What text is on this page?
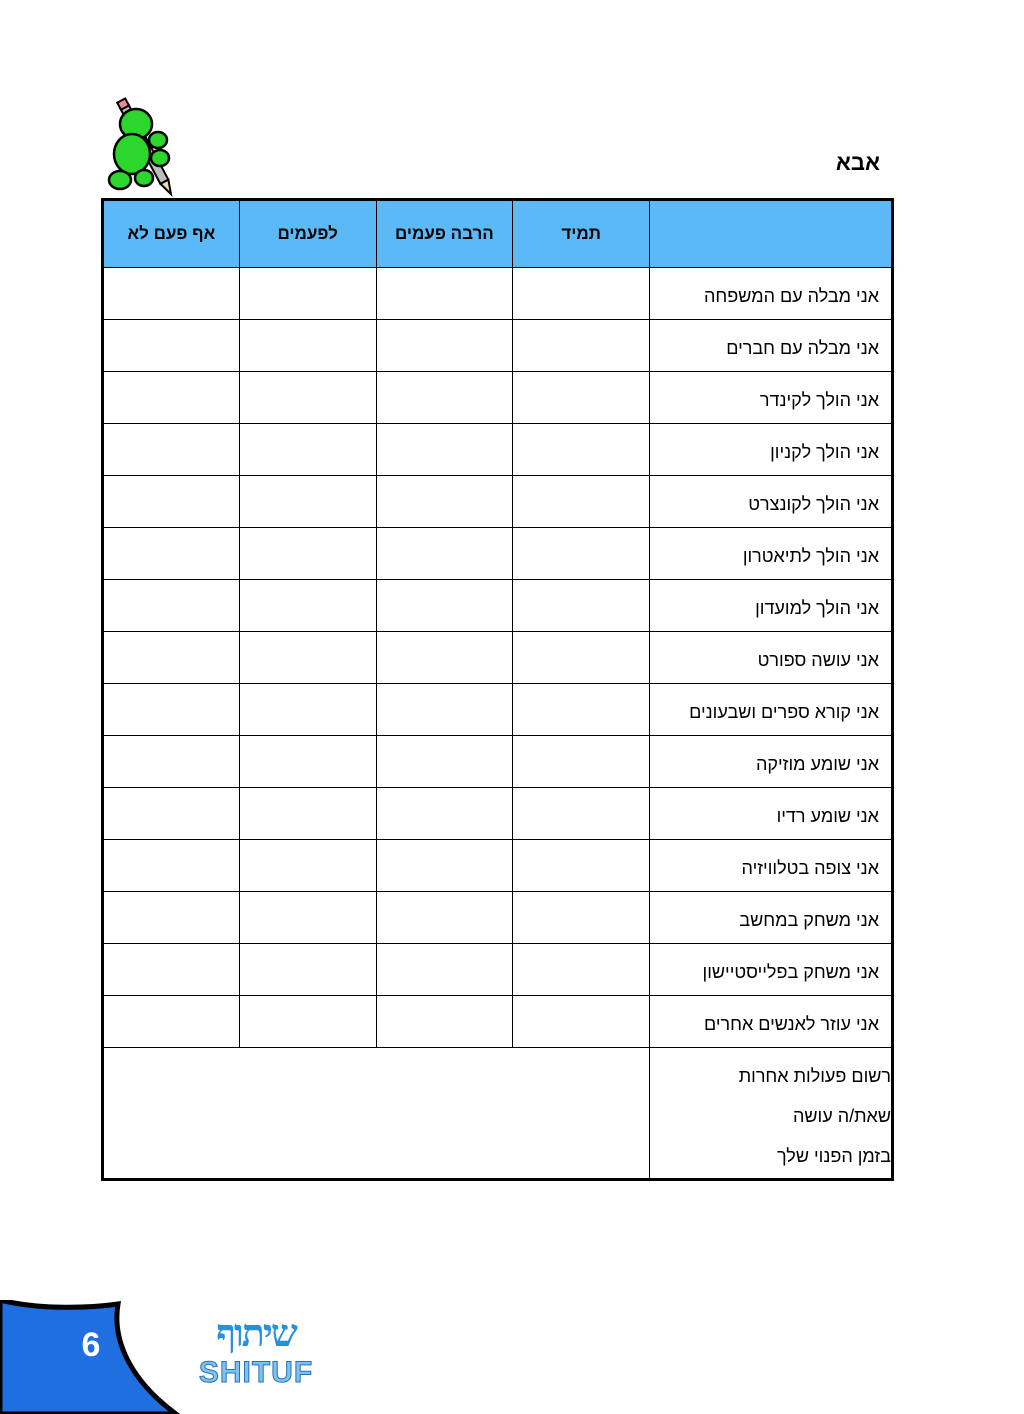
אבא
	תמיד	הרבה פעמים	לפעמים	אף פעם לא
אני מבלה עם המשפחה				
אני מבלה עם חברים				
אני הולך לקינדר				
אני הולך לקניון				
אני הולך לקונצרט				
אני הולך לתיאטרון				
אני הולך למועדון				
אני עושה ספורט				
אני קורא ספרים ושבעונים				
אני שומע מוזיקה				
אני שומע רדיו				
אני צופה בטלוויזיה				
אני משחק במחשב				
אני משחק בפלייסטיישון				
אני עוזר לאנשים אחרים				

רשום פעולות אחרות
שאת/ה עושה
בזמן הפנוי שלך				

6	שיתוף
SHITUF
